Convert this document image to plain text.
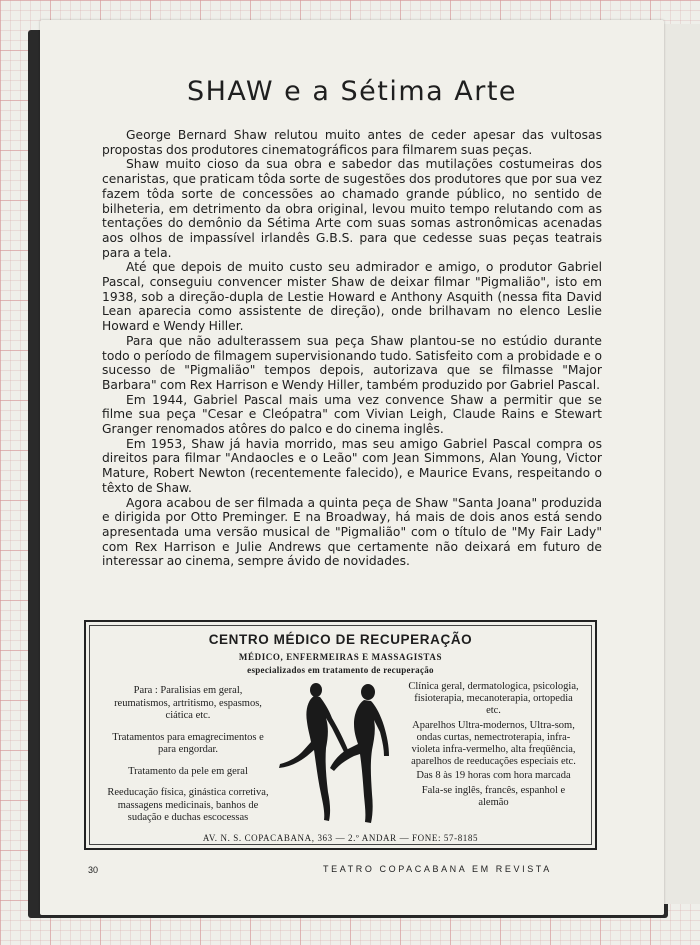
SHAW e a Sétima Arte

George Bernard Shaw relutou muito antes de ceder apesar das vultosas propostas dos produtores cinematográficos para filmarem suas peças.

Shaw muito cioso da sua obra e sabedor das mutilações costumeiras dos cenaristas, que praticam tôda sorte de sugestões dos produtores que por sua vez fazem tôda sorte de concessões ao chamado grande público, no sentido de bilheteria, em detrimento da obra original, levou muito tempo relutando com as tentações do demônio da Sétima Arte com suas somas astronômicas acenadas aos olhos de impassível irlandês G.B.S. para que cedesse suas peças teatrais para a tela.

Até que depois de muito custo seu admirador e amigo, o produtor Gabriel Pascal, conseguiu convencer mister Shaw de deixar filmar "Pigmalião", isto em 1938, sob a direção-dupla de Lestie Howard e Anthony Asquith (nessa fita David Lean aparecia como assistente de direção), onde brilhavam no elenco Leslie Howard e Wendy Hiller.

Para que não adulterassem sua peça Shaw plantou-se no estúdio durante todo o período de filmagem supervisionando tudo. Satisfeito com a probidade e o sucesso de "Pigmalião" tempos depois, autorizava que se filmasse "Major Barbara" com Rex Harrison e Wendy Hiller, também produzido por Gabriel Pascal.

Em 1944, Gabriel Pascal mais uma vez convence Shaw a permitir que se filme sua peça "Cesar e Cleópatra" com Vivian Leigh, Claude Rains e Stewart Granger renomados atôres do palco e do cinema inglês.

Em 1953, Shaw já havia morrido, mas seu amigo Gabriel Pascal compra os direitos para filmar "Andaocles e o Leão" com Jean Simmons, Alan Young, Victor Mature, Robert Newton (recentemente falecido), e Maurice Evans, respeitando o têxto de Shaw.

Agora acabou de ser filmada a quinta peça de Shaw "Santa Joana" produzida e dirigida por Otto Preminger. E na Broadway, há mais de dois anos está sendo apresentada uma versão musical de "Pigmalião" com o título de "My Fair Lady" com Rex Harrison e Julie Andrews que certamente não deixará em futuro de interessar ao cinema, sempre ávido de novidades.

CENTRO MÉDICO DE RECUPERAÇÃO
MÉDICO, ENFERMEIRAS E MASSAGISTAS
especializados em tratamento de recuperação
Para : Paralisias em geral, reumatismos, artritismo, espasmos, ciática etc.
Tratamentos para emagrecimentos e para engordar.
Tratamento da pele em geral
Reeducação física, ginástica corretiva, massagens medicinais, banhos de sudação e duchas escocessas
Clínica geral, dermatologica, psicologia, fisioterapia, mecanoterapia, ortopedia etc.
Aparelhos Ultra-modernos, Ultra-som, ondas curtas, nemectroterapia, infra-violeta infra-vermelho, alta freqüência, aparelhos de reeducações especiais etc.
Das 8 às 19 horas com hora marcada
Fala-se inglês, francês, espanhol e alemão
AV. N. S. COPACABANA, 363 — 2.º ANDAR — FONE: 57-8185
30	TEATRO COPACABANA EM REVISTA
